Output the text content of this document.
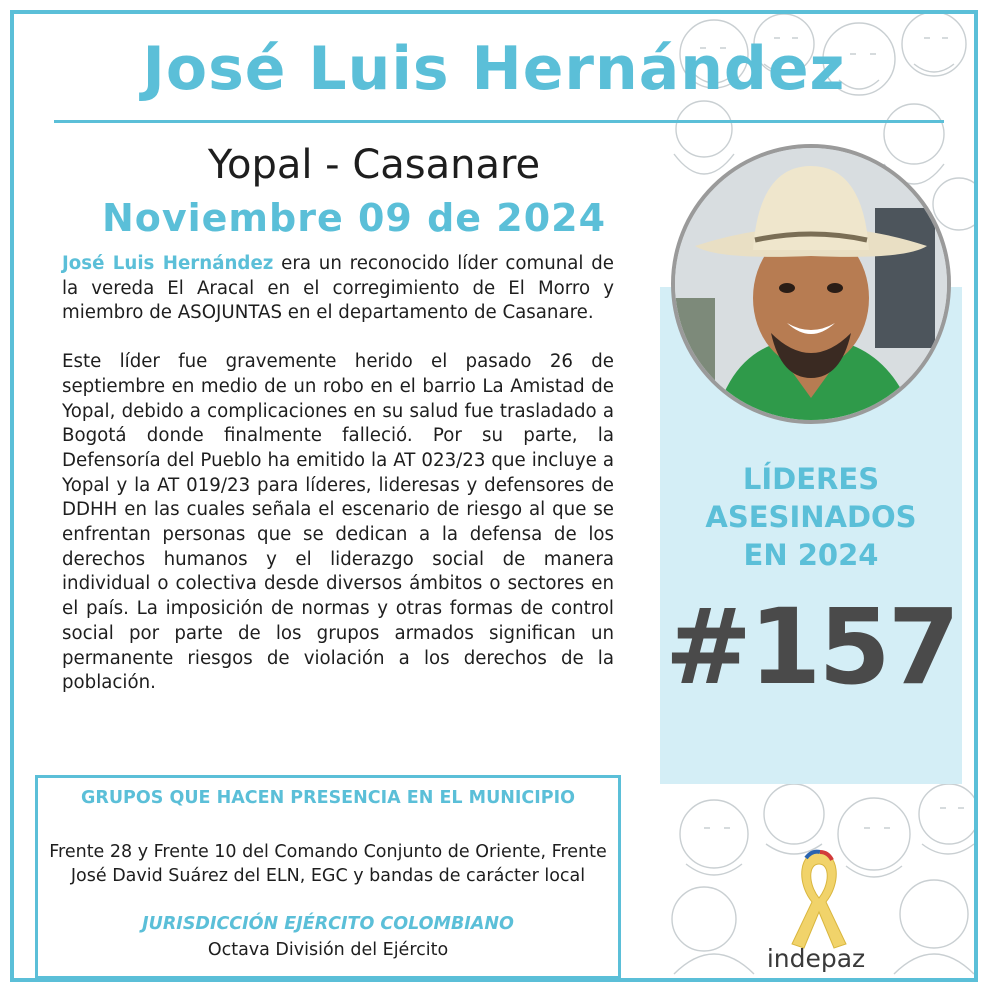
José Luis Hernández
Yopal - Casanare
Noviembre 09 de 2024

José Luis Hernández era un reconocido líder comunal de la vereda El Aracal en el corregimiento de El Morro y miembro de ASOJUNTAS en el departamento de Casanare.

Este líder fue gravemente herido el pasado 26 de septiembre en medio de un robo en el barrio La Amistad de Yopal, debido a complicaciones en su salud fue trasladado a Bogotá donde finalmente falleció. Por su parte, la Defensoría del Pueblo ha emitido la AT 023/23 que incluye a Yopal y la AT 019/23 para líderes, lideresas y defensores de DDHH en las cuales señala el escenario de riesgo al que se enfrentan personas que se dedican a la defensa de los derechos humanos y el liderazgo social de manera individual o colectiva desde diversos ámbitos o sectores en el país. La imposición de normas y otras formas de control social por parte de los grupos armados significan un permanente riesgos de violación a los derechos de la población.

LÍDERES
ASESINADOS
EN 2024
#157
GRUPOS QUE HACEN PRESENCIA EN EL MUNICIPIO
Frente 28 y Frente 10 del Comando Conjunto de Oriente, Frente José David Suárez del ELN, EGC y bandas de carácter local
JURISDICCIÓN EJÉRCITO COLOMBIANO
Octava División del Ejército	indepaz
